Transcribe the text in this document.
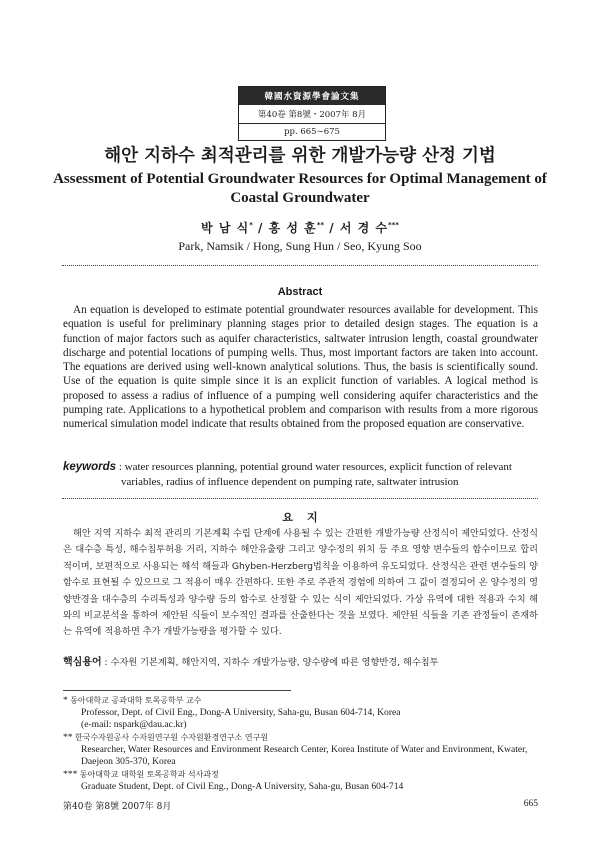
韓國水資源學會論文集
第40卷 第8號・2007年 8月
pp. 665∼675
해안 지하수 최적관리를 위한 개발가능량 산정 기법
Assessment of Potential Groundwater Resources for Optimal Management of Coastal Groundwater
박 남 식* / 홍 성 훈** / 서 경 수***
Park, Namsik / Hong, Sung Hun / Seo, Kyung Soo
Abstract

An equation is developed to estimate potential groundwater resources available for development. This equation is useful for preliminary planning stages prior to detailed design stages. The equation is a function of major factors such as aquifer characteristics, saltwater intrusion length, coastal groundwater discharge and potential locations of pumping wells. Thus, most important factors are taken into account. The equations are derived using well-known analytical solutions. Thus, the basis is scientifically sound. Use of the equation is quite simple since it is an explicit function of variables. A logical method is proposed to assess a radius of influence of a pumping well considering aquifer characteristics and the pumping rate. Applications to a hypothetical problem and comparison with results from a more rigorous numerical simulation model indicate that results obtained from the proposed equation are conservative.

keywords : water resources planning, potential ground water resources, explicit function of relevant
variables, radius of influence dependent on pumping rate, saltwater intrusion
요지

해안 지역 지하수 최적 관리의 기본계획 수립 단계에 사용될 수 있는 간편한 개발가능량 산정식이 제안되었다. 산정식은 대수층 특성, 해수침투허용 거리, 지하수 해안유출량 그리고 양수정의 위치 등 주요 영향 변수들의 함수이므로 합리적이며, 보편적으로 사용되는 해석 해들과 Ghyben-Herzberg법칙을 이용하여 유도되었다. 산정식은 관련 변수들의 양 함수로 표현될 수 있으므로 그 적용이 매우 간편하다. 또한 주로 주관적 경험에 의하여 그 값이 결정되어 온 양수정의 영향반경을 대수층의 수리특성과 양수량 등의 함수로 산정할 수 있는 식이 제안되었다. 가상 유역에 대한 적용과 수치 해와의 비교분석을 통하여 제안된 식들이 보수적인 결과를 산출한다는 것을 보였다. 제안된 식들을 기존 관정들이 존재하는 유역에 적용하면 추가 개발가능량을 평가할 수 있다.

핵심용어 : 수자원 기본계획, 해안지역, 지하수 개발가능량, 양수량에 따른 영향반경, 해수침투
* 동아대학교 공과대학 토목공학부 교수
Professor, Dept. of Civil Eng., Dong-A University, Saha-gu, Busan 604-714, Korea
(e-mail: nspark@dau.ac.kr)
** 한국수자원공사 수자원연구원 수자원환경연구소 연구원
Researcher, Water Resources and Environment Research Center, Korea Institute of Water and Environment, Kwater,
Daejeon 305-370, Korea
*** 동아대학교 대학원 토목공학과 석사과정
Graduate Student, Dept. of Civil Eng., Dong-A University, Saha-gu, Busan 604-714
第40卷 第8號 2007年 8月	665
